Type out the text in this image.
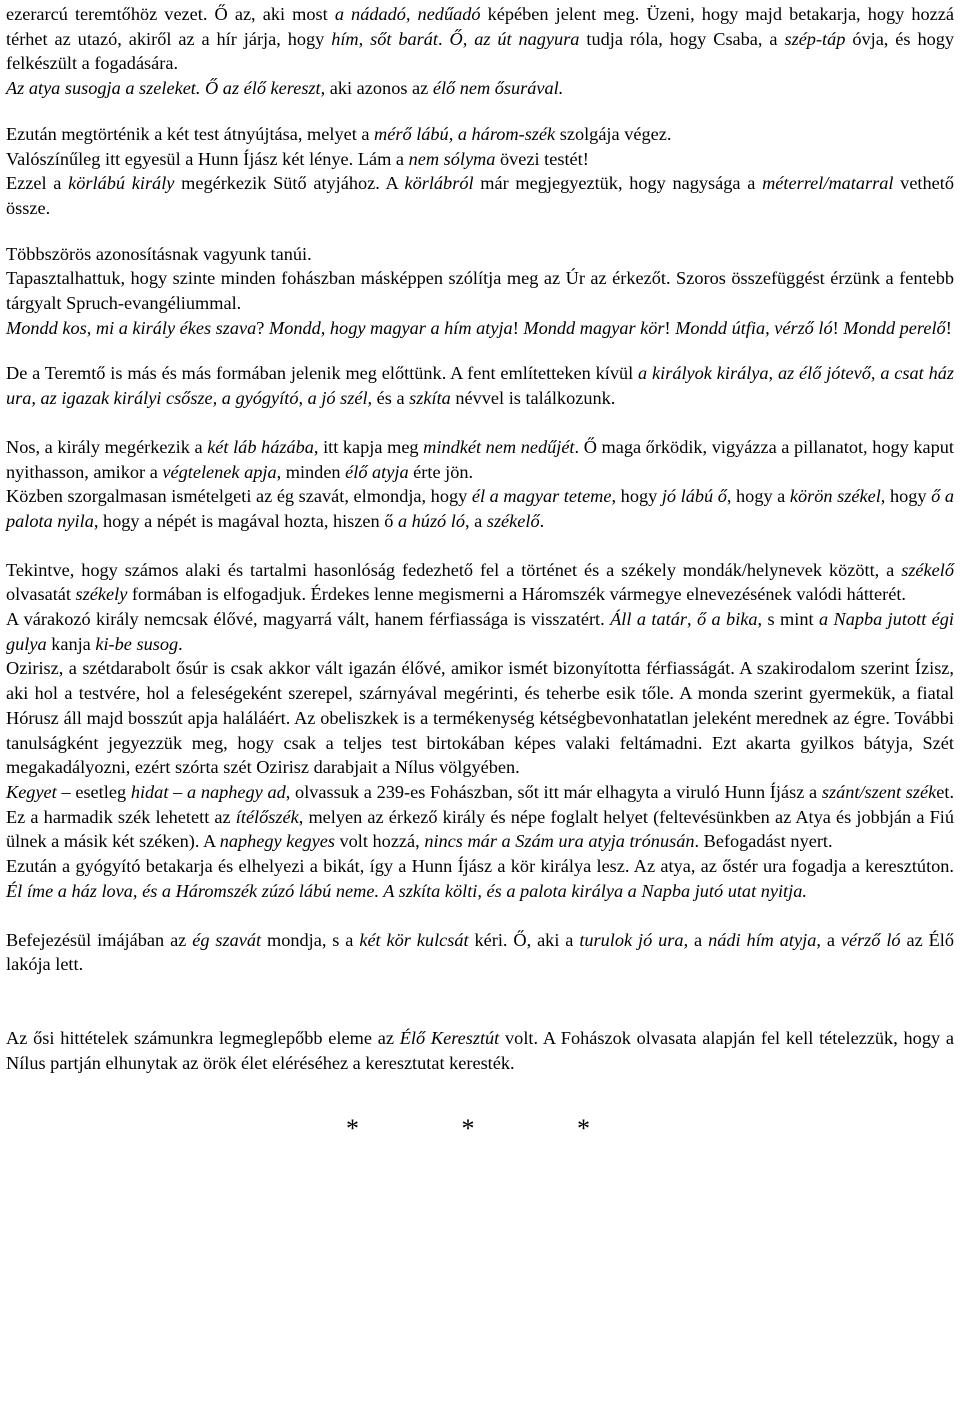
ezerarcú teremtőhöz vezet. Ő az, aki most a nádadó, nedűadó képében jelent meg. Üzeni, hogy majd betakarja, hogy hozzá térhet az utazó, akiről az a hír járja, hogy hím, sőt barát. Ő, az út nagyura tudja róla, hogy Csaba, a szép-táp óvja, és hogy felkészült a fogadására.

Az atya susogja a szeleket. Ő az élő kereszt, aki azonos az élő nem ősurával.

Ezután megtörténik a két test átnyújtása, melyet a mérő lábú, a három-szék szolgája végez.

Valószínűleg itt egyesül a Hunn Íjász két lénye. Lám a nem sólyma övezi testét!

Ezzel a körlábú király megérkezik Sütő atyjához. A körlábról már megjegyeztük, hogy nagysága a méterrel/matarral vethető össze.

Többszörös azonosításnak vagyunk tanúi.

Tapasztalhattuk, hogy szinte minden fohászban másképpen szólítja meg az Úr az érkezőt. Szoros összefüggést érzünk a fentebb tárgyalt Spruch-evangéliummal.

Mondd kos, mi a király ékes szava? Mondd, hogy magyar a hím atyja! Mondd magyar kör! Mondd útfia, vérző ló! Mondd perelő!

De a Teremtő is más és más formában jelenik meg előttünk. A fent említetteken kívül a királyok királya, az élő jótevő, a csat ház ura, az igazak királyi csősze, a gyógyító, a jó szél, és a szkíta névvel is találkozunk.

Nos, a király megérkezik a két láb házába, itt kapja meg mindkét nem nedűjét. Ő maga őrködik, vigyázza a pillanatot, hogy kaput nyithasson, amikor a végtelenek apja, minden élő atyja érte jön.

Közben szorgalmasan ismételgeti az ég szavát, elmondja, hogy él a magyar teteme, hogy jó lábú ő, hogy a körön székel, hogy ő a palota nyila, hogy a népét is magával hozta, hiszen ő a húzó ló, a székelő.

Tekintve, hogy számos alaki és tartalmi hasonlóság fedezhető fel a történet és a székely mondák/helynevek között, a székelő olvasatát székely formában is elfogadjuk. Érdekes lenne megismerni a Háromszék vármegye elnevezésének valódi hátterét.

A várakozó király nemcsak élővé, magyarrá vált, hanem férfiassága is visszatért. Áll a tatár, ő a bika, s mint a Napba jutott égi gulya kanja ki-be susog.

Ozirisz, a szétdarabolt ősúr is csak akkor vált igazán élővé, amikor ismét bizonyította férfiasságát. A szakirodalom szerint Ízisz, aki hol a testvére, hol a feleségeként szerepel, szárnyával megérinti, és teherbe esik tőle. A monda szerint gyermekük, a fiatal Hórusz áll majd bosszút apja haláláért. Az obeliszkek is a termékenység kétségbevonhatatlan jeleként merednek az égre. További tanulságként jegyezzük meg, hogy csak a teljes test birtokában képes valaki feltámadni. Ezt akarta gyilkos bátyja, Szét megakadályozni, ezért szórta szét Ozirisz darabjait a Nílus völgyében.

Kegyet – esetleg hidat – a naphegy ad, olvassuk a 239-es Fohászban, sőt itt már elhagyta a viruló Hunn Íjász a szánt/szent széket. Ez a harmadik szék lehetett az ítélőszék, melyen az érkező király és népe foglalt helyet (feltevésünkben az Atya és jobbján a Fiú ülnek a másik két széken). A naphegy kegyes volt hozzá, nincs már a Szám ura atyja trónusán. Befogadást nyert.

Ezután a gyógyító betakarja és elhelyezi a bikát, így a Hunn Íjász a kör királya lesz. Az atya, az őstér ura fogadja a keresztúton. Él íme a ház lova, és a Háromszék zúzó lábú neme. A szkíta költi, és a palota királya a Napba jutó utat nyitja.

Befejezésül imájában az ég szavát mondja, s a két kör kulcsát kéri. Ő, aki a turulok jó ura, a nádi hím atyja, a vérző ló az Élő lakója lett.

Az ősi hittételek számunkra legmeglepőbb eleme az Élő Keresztút volt. A Fohászok olvasata alapján fel kell tételezzük, hogy a Nílus partján elhunytak az örök élet eléréséhez a keresztutat keresték.

* * *
